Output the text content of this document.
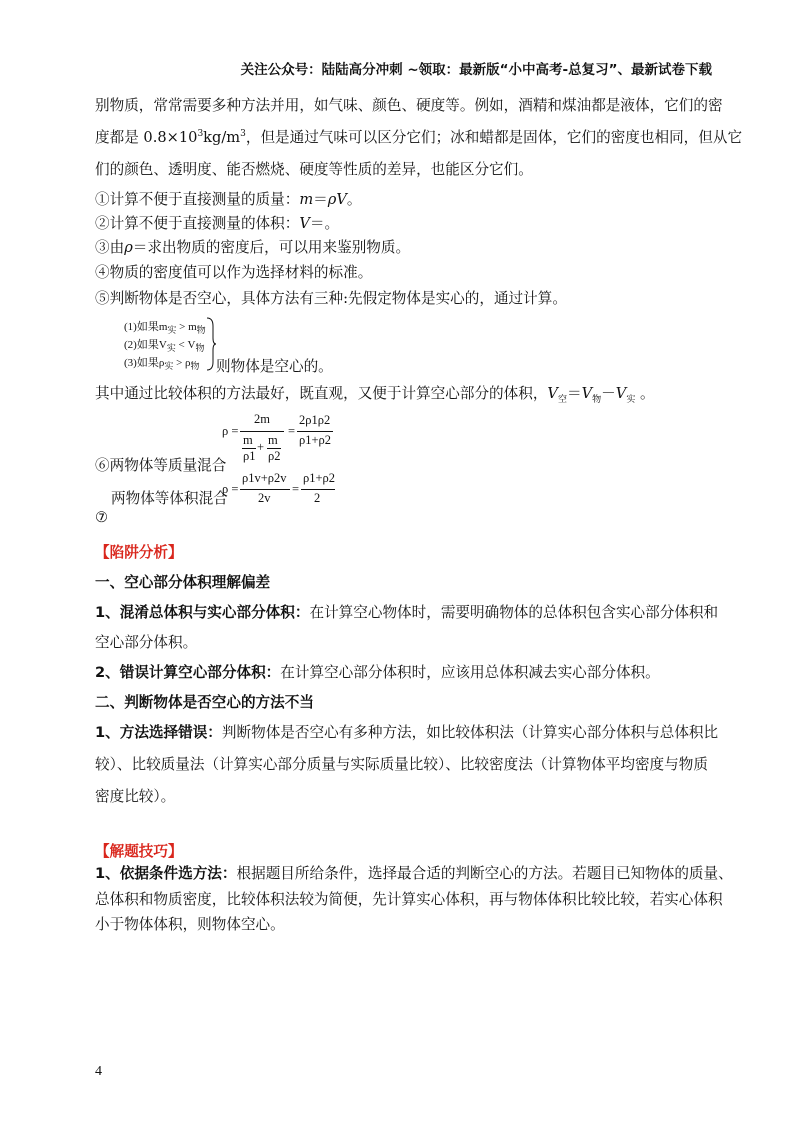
关注公众号：陆陆高分冲刺 ~领取：最新版“小中高考-总复习”、最新试卷下载
别物质，常常需要多种方法并用，如气味、颜色、硬度等。例如，酒精和煤油都是液体，它们的密
度都是 $0.8\times 10^3kg/m^3$，但是通过气味可以区分它们；冰和蜡都是固体，它们的密度也相同，但从它
们的颜色、透明度、能否燃烧、硬度等性质的差异，也能区分它们。
①计算不便于直接测量的质量：m＝ρV。
②计算不便于直接测量的体积：V＝。
③由ρ＝求出物质的密度后，可以用来鉴别物质。
④物质的密度值可以作为选择材料的标准。
⑤判断物体是否空心，具体方法有三种:先假定物体是实心的，通过计算。
(1)如果$m_实 > m_物$
(2)如果$V_实 < V_物$
(3)如果$\rho_实 > \rho_物$ 则物体是空心的。
其中通过比较体积的方法最好，既直观，又便于计算空心部分的体积，$V_空=V_物-V_实$ 。
ρ =
2m
m + m
ρ1 ρ2
=
2ρ1ρ2
ρ1+ρ2
⑥两物体等质量混合
ρ =
ρ1v+ρ2v
2v
=
ρ1+ρ2
2
两物体等体积混合
⑦
【陷阱分析】
一、空心部分体积理解偏差
1、混淆总体积与实心部分体积：在计算空心物体时，需要明确物体的总体积包含实心部分体积和
空心部分体积。
2、错误计算空心部分体积：在计算空心部分体积时，应该用总体积减去实心部分体积。
二、判断物体是否空心的方法不当
1、方法选择错误：判断物体是否空心有多种方法，如比较体积法（计算实心部分体积与总体积比
较）、比较质量法（计算实心部分质量与实际质量比较）、比较密度法（计算物体平均密度与物质
密度比较）。
【解题技巧】
1、依据条件选方法：根据题目所给条件，选择最合适的判断空心的方法。若题目已知物体的质量、
总体积和物质密度，比较体积法较为简便，先计算实心体积，再与物体体积比较比较，若实心体积
小于物体体积，则物体空心。
4
